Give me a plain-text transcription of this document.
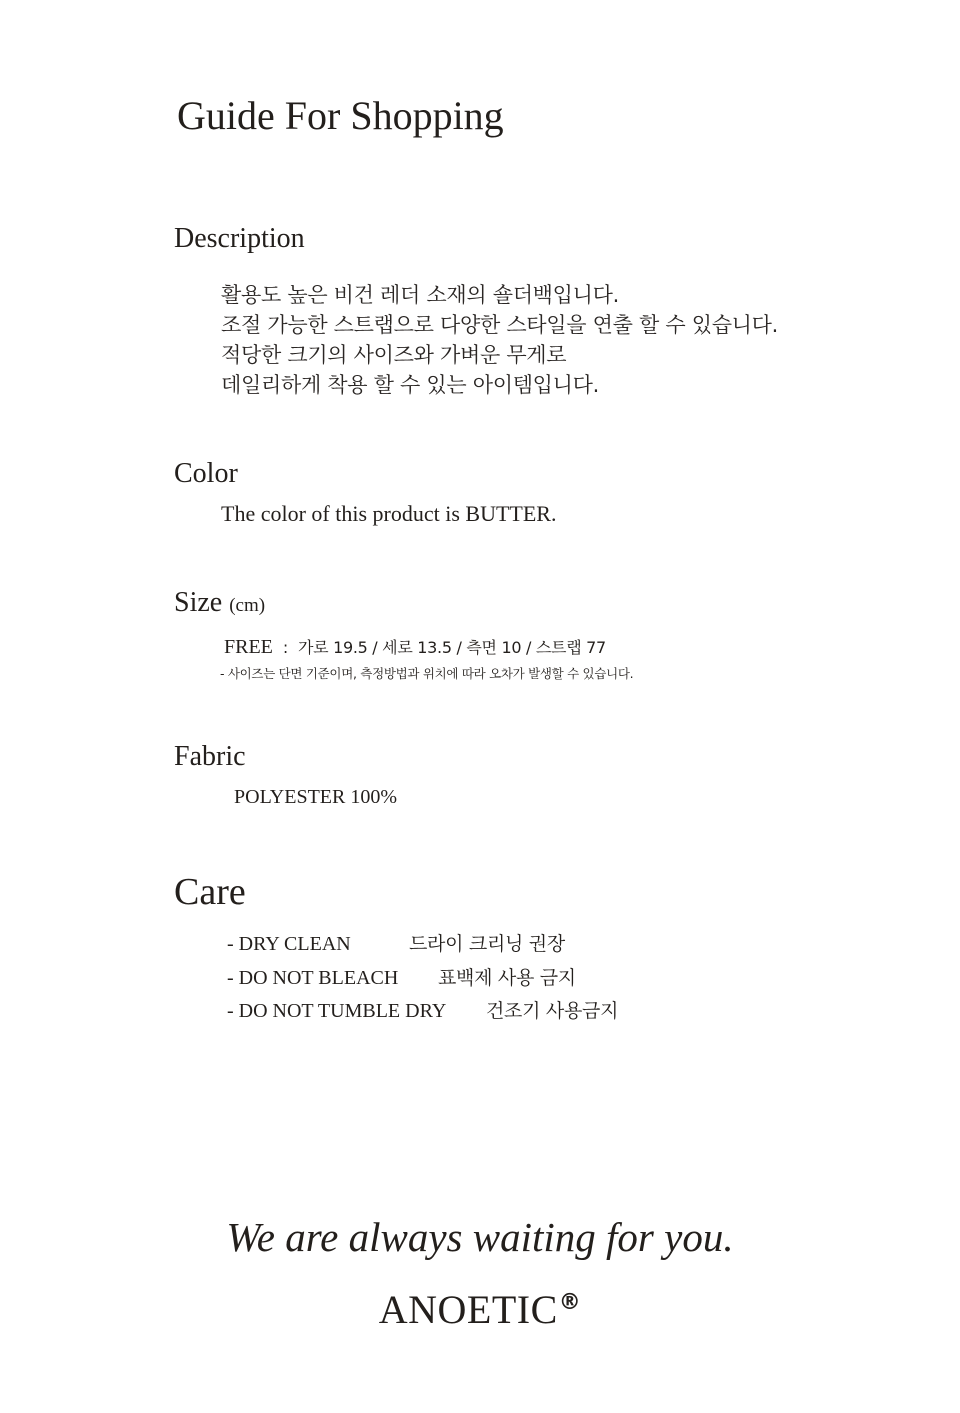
Guide For Shopping
Description
활용도 높은 비건 레더 소재의 숄더백입니다.
조절 가능한 스트랩으로 다양한 스타일을 연출 할 수 있습니다.
적당한 크기의 사이즈와 가벼운 무게로
데일리하게 착용 할 수 있는 아이템입니다.
Color
The color of this product is BUTTER.
Size (cm)
FREE : 가로 19.5 / 세로 13.5 / 측면 10 / 스트랩 77
- 사이즈는 단면 기준이며, 측정방법과 위치에 따라 오차가 발생할 수 있습니다.
Fabric
POLYESTER 100%
Care
- DRY CLEAN	드라이 크리닝 권장
- DO NOT BLEACH	표백제 사용 금지
- DO NOT TUMBLE DRY	건조기 사용금지
We are always waiting for you.
ANOETIC®
